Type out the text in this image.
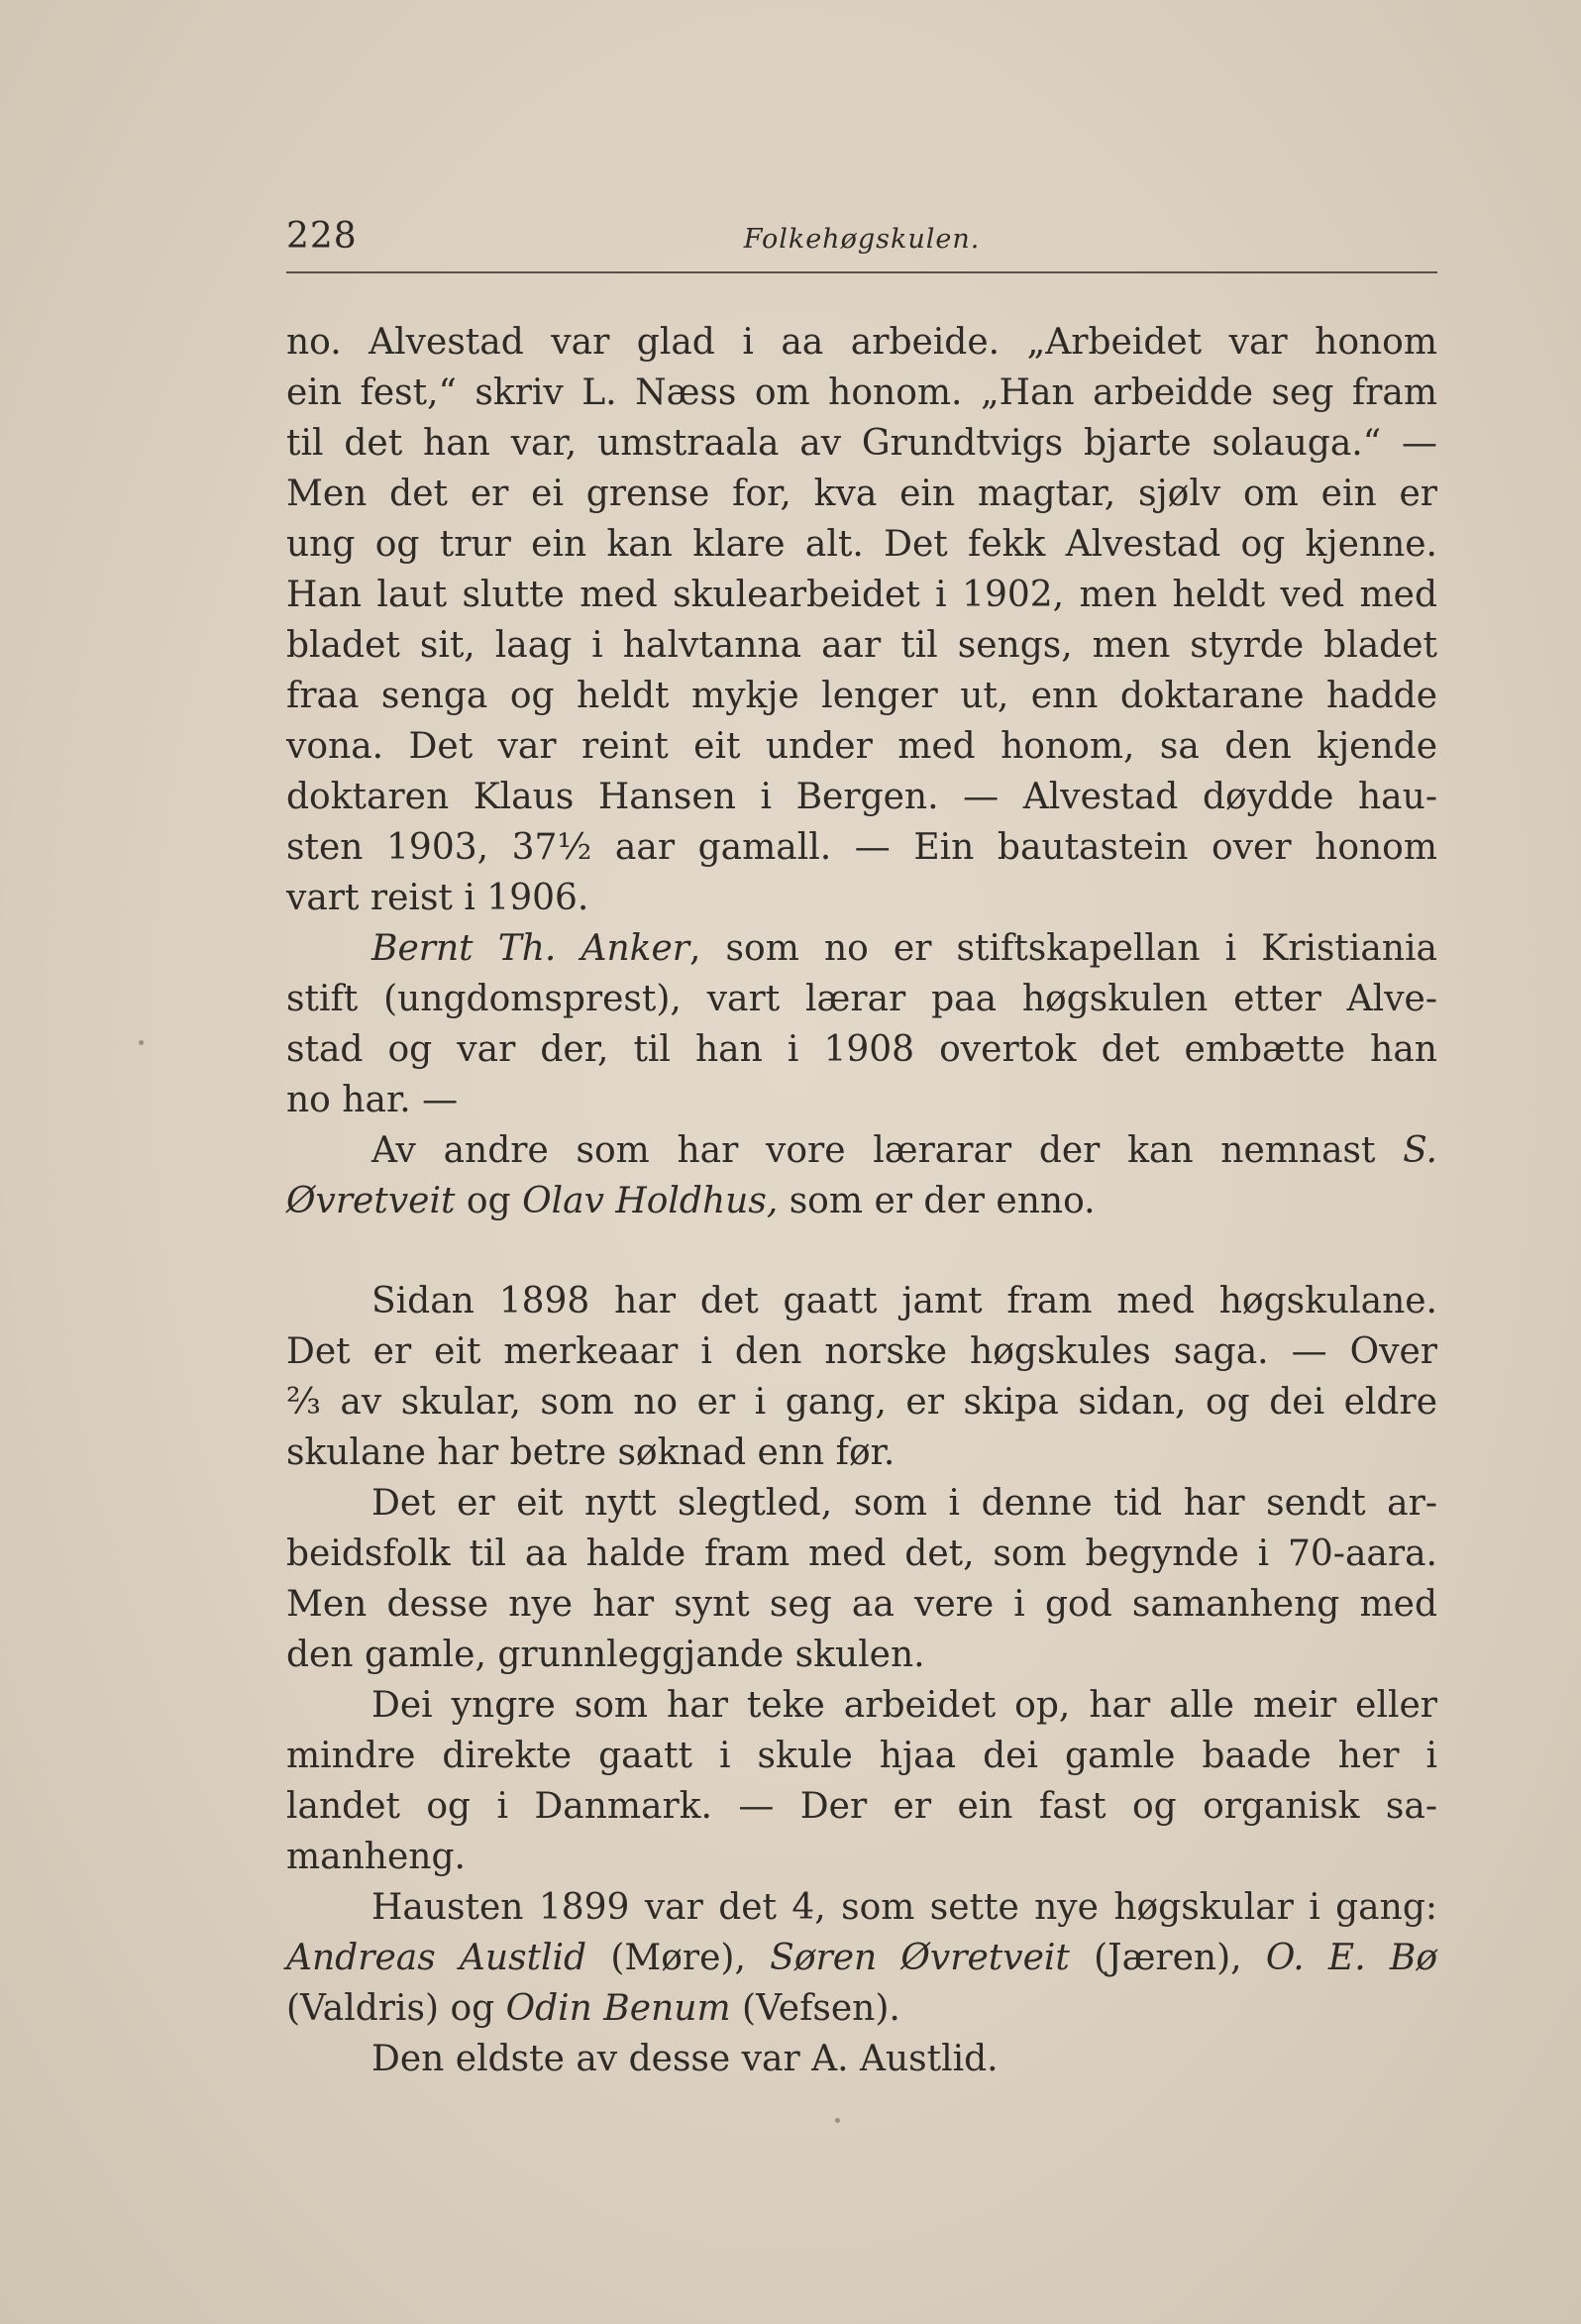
228	Folkehøgskulen.
no. Alvestad var glad i aa arbeide. „Arbeidet var honom
ein fest,“ skriv L. Næss om honom. „Han arbeidde seg fram
til det han var, umstraala av Grundtvigs bjarte solauga.“ —
Men det er ei grense for, kva ein magtar, sjølv om ein er
ung og trur ein kan klare alt. Det fekk Alvestad og kjenne.
Han laut slutte med skulearbeidet i 1902, men heldt ved med
bladet sit, laag i halvtanna aar til sengs, men styrde bladet
fraa senga og heldt mykje lenger ut, enn doktarane hadde
vona. Det var reint eit under med honom, sa den kjende
doktaren Klaus Hansen i Bergen. — Alvestad døydde hau-
sten 1903, 37½ aar gamall. — Ein bautastein over honom
vart reist i 1906.
Bernt Th. Anker, som no er stiftskapellan i Kristiania
stift (ungdomsprest), vart lærar paa høgskulen etter Alve-
stad og var der, til han i 1908 overtok det embætte han
no har. —
Av andre som har vore lærarar der kan nemnast S.
Øvretveit og Olav Holdhus, som er der enno.
Sidan 1898 har det gaatt jamt fram med høgskulane.
Det er eit merkeaar i den norske høgskules saga. — Over
⅔ av skular, som no er i gang, er skipa sidan, og dei eldre
skulane har betre søknad enn før.
Det er eit nytt slegtled, som i denne tid har sendt ar-
beidsfolk til aa halde fram med det, som begynde i 70-aara.
Men desse nye har synt seg aa vere i god samanheng med
den gamle, grunnleggjande skulen.
Dei yngre som har teke arbeidet op, har alle meir eller
mindre direkte gaatt i skule hjaa dei gamle baade her i
landet og i Danmark. — Der er ein fast og organisk sa-
manheng.
Hausten 1899 var det 4, som sette nye høgskular i gang:
Andreas Austlid (Møre), Søren Øvretveit (Jæren), O. E. Bø
(Valdris) og Odin Benum (Vefsen).
Den eldste av desse var A. Austlid.
